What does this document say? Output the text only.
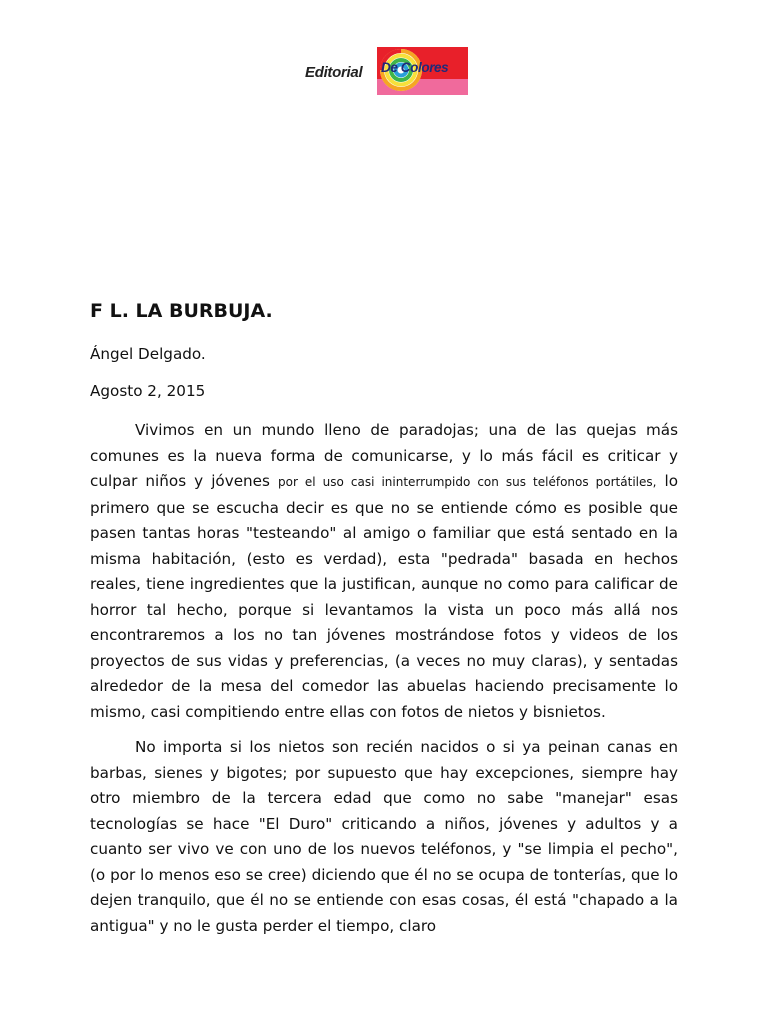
Editorial De Colores
F L. LA BURBUJA.
Ángel Delgado.
Agosto 2, 2015

Vivimos en un mundo lleno de paradojas; una de las quejas más comunes es la nueva forma de comunicarse, y lo más fácil es criticar y culpar niños y jóvenes por el uso casi ininterrumpido con sus teléfonos portátiles, lo primero que se escucha decir es que no se entiende cómo es posible que pasen tantas horas "testeando" al amigo o familiar que está sentado en la misma habitación, (esto es verdad), esta "pedrada" basada en hechos reales, tiene ingredientes que la justifican, aunque no como para calificar de horror tal hecho, porque si levantamos la vista un poco más allá nos encontraremos a los no tan jóvenes mostrándose fotos y videos de los proyectos de sus vidas y preferencias, (a veces no muy claras), y sentadas alrededor de la mesa del comedor las abuelas haciendo precisamente lo mismo, casi compitiendo entre ellas con fotos de nietos y bisnietos.

No importa si los nietos son recién nacidos o si ya peinan canas en barbas, sienes y bigotes; por supuesto que hay excepciones, siempre hay otro miembro de la tercera edad que como no sabe "manejar" esas tecnologías se hace "El Duro" criticando a niños, jóvenes y adultos y a cuanto ser vivo ve con uno de los nuevos teléfonos, y "se limpia el pecho", (o por lo menos eso se cree) diciendo que él no se ocupa de tonterías, que lo dejen tranquilo, que él no se entiende con esas cosas, él está "chapado a la antigua" y no le gusta perder el tiempo, claro
